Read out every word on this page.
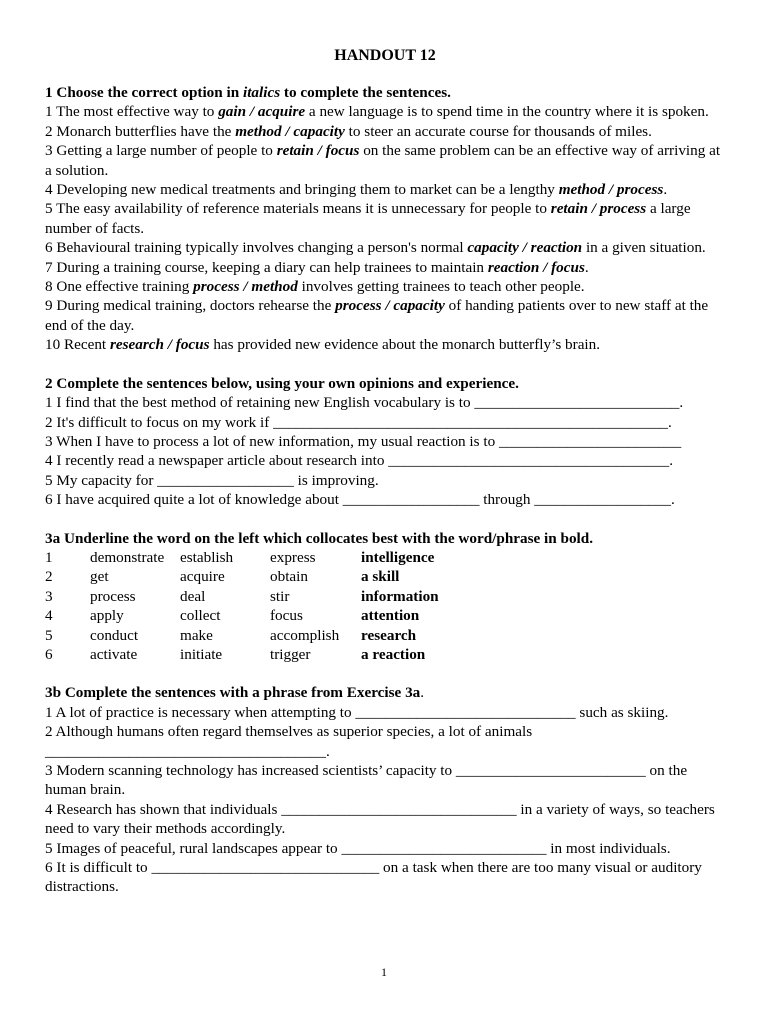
HANDOUT 12

1 Choose the correct option in italics to complete the sentences.

1 The most effective way to gain / acquire a new language is to spend time in the country where it is spoken.

2 Monarch butterflies have the method / capacity to steer an accurate course for thousands of miles.

3 Getting a large number of people to retain / focus on the same problem can be an effective way of arriving at a solution.

4 Developing new medical treatments and bringing them to market can be a lengthy method / process.

5 The easy availability of reference materials means it is unnecessary for people to retain / process a large number of facts.

6 Behavioural training typically involves changing a person's normal capacity / reaction in a given situation.

7 During a training course, keeping a diary can help trainees to maintain reaction / focus.

8 One effective training process / method involves getting trainees to teach other people.

9 During medical training, doctors rehearse the process / capacity of handing patients over to new staff at the end of the day.

10 Recent research / focus has provided new evidence about the monarch butterfly’s brain.

2 Complete the sentences below, using your own opinions and experience.

1 I find that the best method of retaining new English vocabulary is to ___________________________.

2 It's difficult to focus on my work if ____________________________________________________.

3 When I have to process a lot of new information, my usual reaction is to ________________________

4 I recently read a newspaper article about research into _____________________________________.

5 My capacity for __________________ is improving.

6 I have acquired quite a lot of knowledge about __________________ through __________________.

3a Underline the word on the left which collocates best with the word/phrase in bold.

1	demonstrate	establish	express	intelligence
2	get	acquire	obtain	a skill
3	process	deal	stir	information
4	apply	collect	focus	attention
5	conduct	make	accomplish	research
6	activate	initiate	trigger	a reaction

3b Complete the sentences with a phrase from Exercise 3a.

1 A lot of practice is necessary when attempting to _____________________________ such as skiing.

2 Although humans often regard themselves as superior species, a lot of animals

_____________________________________.

3 Modern scanning technology has increased scientists’ capacity to _________________________ on the human brain.

4 Research has shown that individuals _______________________________ in a variety of ways, so teachers need to vary their methods accordingly.

5 Images of peaceful, rural landscapes appear to ___________________________ in most individuals.

6 It is difficult to ______________________________ on a task when there are too many visual or auditory distractions.

1
